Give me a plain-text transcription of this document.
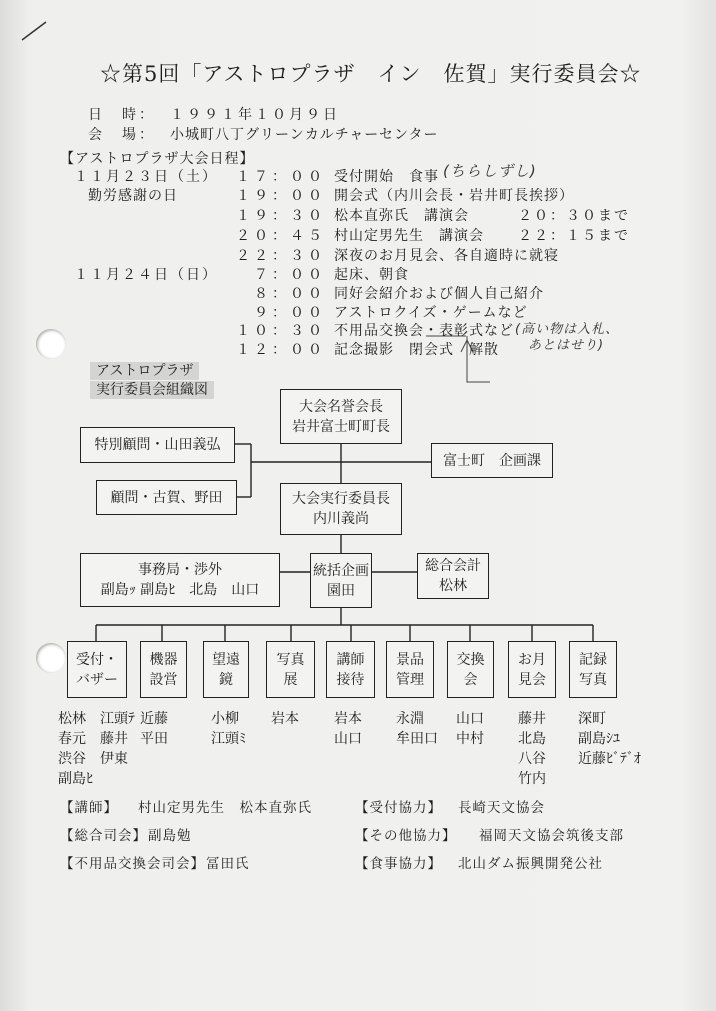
☆第5回「アストロプラザ　イン　佐賀」実行委員会☆
日　時： １９９１年１０月９日
会　場： 小城町八丁グリーンカルチャーセンター
【アストロプラザ大会日程】
１１月２３日（土）
勤労感謝の日
１７：００ 受付開始　食事
１９：００ 開会式（内川会長・岩井町長挨拶）
１９：３０ 松本直弥氏　講演会	２０：３０まで
２０：４５ 村山定男先生　講演会 ２２：１５まで
２２：３０ 深夜のお月見会、各自適時に就寝
１１月２４日（日）	７：００ 起床、朝食
８：００ 同好会紹介および個人自己紹介
９：００ アストロクイズ・ゲームなど
１０：３０ 不用品交換会・表彰式など
１２：００ 記念撮影　閉会式　解散
(ちらしずし)
(高い物は入札、
あとはせり)
アストロプラザ
実行委員会組織図
大会名誉会長
岩井富士町町長
特別顧問・山田義弘
顧問・古賀、野田
富士町　企画課
大会実行委員長
内川義尚
事務局・渉外
副島ｯ 副島ﾋ　北島　山口
統括企画
園田
総合会計
松林
受付・
バザー
松林　江頭ﾃ
春元　藤井
渋谷　伊東
副島ﾋ
機器
設営
近藤
平田
望遠
鏡
小柳
江頭ﾐ
写真
展
岩本
講師
接待
岩本
山口
景品
管理
永淵
牟田口
交換
会
山口
中村
お月
見会
藤井
北島
八谷
竹内
記録
写真
深町
副島ｼﾕ
近藤ﾋﾞﾃﾞｵ
【講師】 村山定男先生　松本直弥氏	【受付協力】 長崎天文協会
【総合司会】 副島勉	【その他協力】 福岡天文協会筑後支部
【不用品交換会司会】 冨田氏	【食事協力】 北山ダム振興開発公社
